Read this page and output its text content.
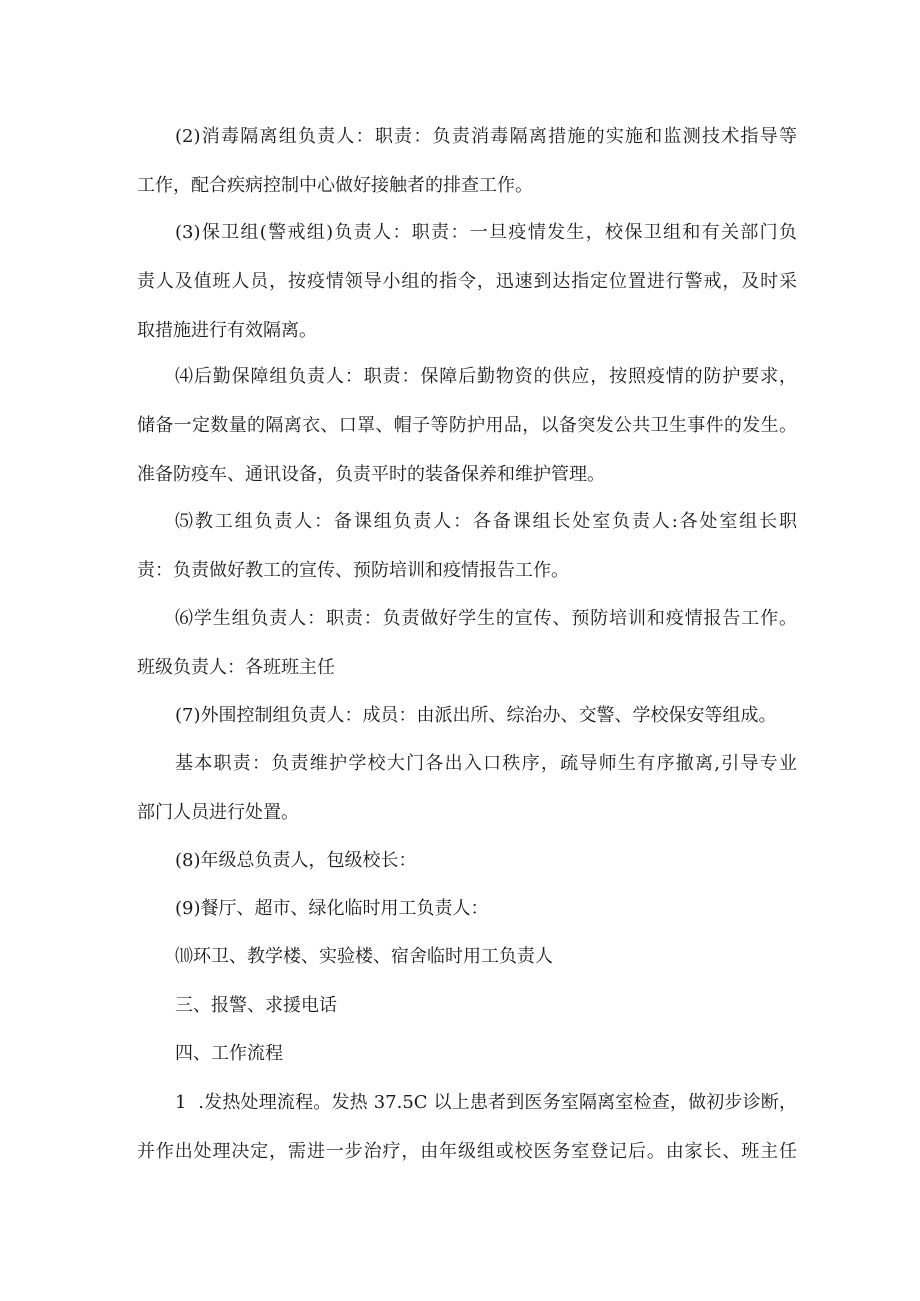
(2)消毒隔离组负责人：职责：负责消毒隔离措施的实施和监测技术指导等
工作，配合疾病控制中心做好接触者的排查工作。
(3)保卫组(警戒组)负责人：职责：一旦疫情发生，校保卫组和有关部门负
责人及值班人员，按疫情领导小组的指令，迅速到达指定位置进行警戒，及时采
取措施进行有效隔离。
⑷后勤保障组负责人：职责：保障后勤物资的供应，按照疫情的防护要求，
储备一定数量的隔离衣、口罩、帽子等防护用品，以备突发公共卫生事件的发生。
准备防疫车、通讯设备，负责平时的装备保养和维护管理。
⑸教工组负责人：备课组负责人：各备课组长处室负责人:各处室组长职
责：负责做好教工的宣传、预防培训和疫情报告工作。
⑹学生组负责人：职责：负责做好学生的宣传、预防培训和疫情报告工作。
班级负责人：各班班主任
(7)外围控制组负责人：成员：由派出所、综治办、交警、学校保安等组成。
基本职责：负责维护学校大门各出入口秩序，疏导师生有序撤离,引导专业
部门人员进行处置。
(8)年级总负责人，包级校长：
(9)餐厅、超市、绿化临时用工负责人：
⑽环卫、教学楼、实验楼、宿舍临时用工负责人
三、报警、求援电话
四、工作流程
1  .发热处理流程。发热 37.5C 以上患者到医务室隔离室检查，做初步诊断，
并作出处理决定，需进一步治疗，由年级组或校医务室登记后。由家长、班主任
